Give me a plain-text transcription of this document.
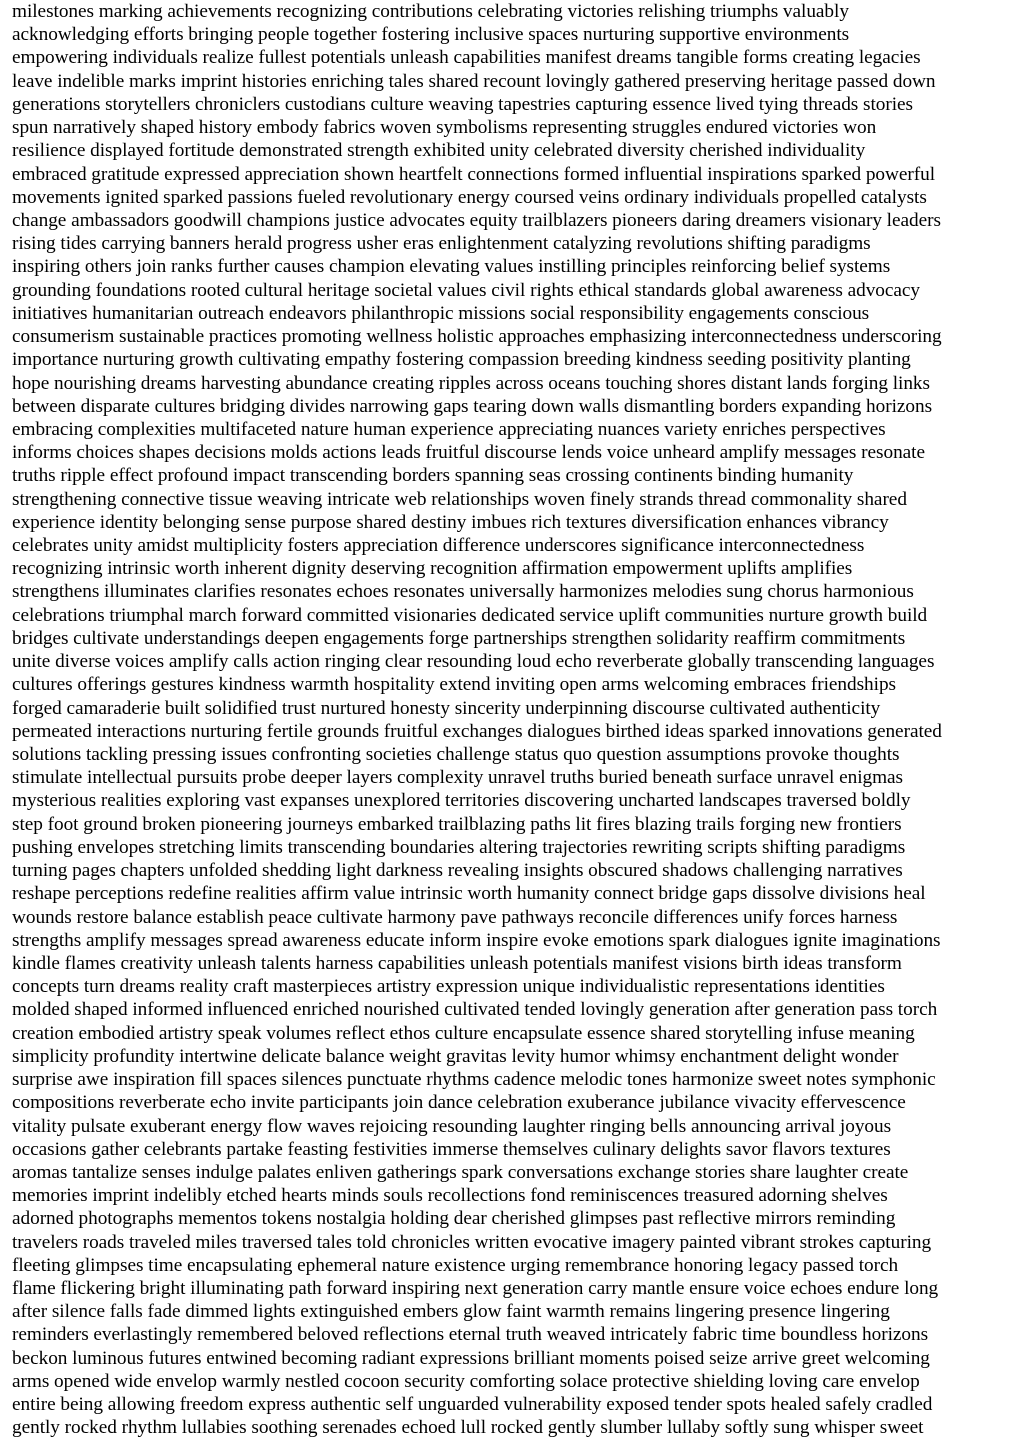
milestones marking achievements recognizing contributions celebrating victories relishing triumphs valuably
acknowledging efforts bringing people together fostering inclusive spaces nurturing supportive environments
empowering individuals realize fullest potentials unleash capabilities manifest dreams tangible forms creating legacies
leave indelible marks imprint histories enriching tales shared recount lovingly gathered preserving heritage passed down
generations storytellers chroniclers custodians culture weaving tapestries capturing essence lived tying threads stories
spun narratively shaped history embody fabrics woven symbolisms representing struggles endured victories won
resilience displayed fortitude demonstrated strength exhibited unity celebrated diversity cherished individuality
embraced gratitude expressed appreciation shown heartfelt connections formed influential inspirations sparked powerful
movements ignited sparked passions fueled revolutionary energy coursed veins ordinary individuals propelled catalysts
change ambassadors goodwill champions justice advocates equity trailblazers pioneers daring dreamers visionary leaders
rising tides carrying banners herald progress usher eras enlightenment catalyzing revolutions shifting paradigms
inspiring others join ranks further causes champion elevating values instilling principles reinforcing belief systems
grounding foundations rooted cultural heritage societal values civil rights ethical standards global awareness advocacy
initiatives humanitarian outreach endeavors philanthropic missions social responsibility engagements conscious
consumerism sustainable practices promoting wellness holistic approaches emphasizing interconnectedness underscoring
importance nurturing growth cultivating empathy fostering compassion breeding kindness seeding positivity planting
hope nourishing dreams harvesting abundance creating ripples across oceans touching shores distant lands forging links
between disparate cultures bridging divides narrowing gaps tearing down walls dismantling borders expanding horizons
embracing complexities multifaceted nature human experience appreciating nuances variety enriches perspectives
informs choices shapes decisions molds actions leads fruitful discourse lends voice unheard amplify messages resonate
truths ripple effect profound impact transcending borders spanning seas crossing continents binding humanity
strengthening connective tissue weaving intricate web relationships woven finely strands thread commonality shared
experience identity belonging sense purpose shared destiny imbues rich textures diversification enhances vibrancy
celebrates unity amidst multiplicity fosters appreciation difference underscores significance interconnectedness
recognizing intrinsic worth inherent dignity deserving recognition affirmation empowerment uplifts amplifies
strengthens illuminates clarifies resonates echoes resonates universally harmonizes melodies sung chorus harmonious
celebrations triumphal march forward committed visionaries dedicated service uplift communities nurture growth build
bridges cultivate understandings deepen engagements forge partnerships strengthen solidarity reaffirm commitments
unite diverse voices amplify calls action ringing clear resounding loud echo reverberate globally transcending languages
cultures offerings gestures kindness warmth hospitality extend inviting open arms welcoming embraces friendships
forged camaraderie built solidified trust nurtured honesty sincerity underpinning discourse cultivated authenticity
permeated interactions nurturing fertile grounds fruitful exchanges dialogues birthed ideas sparked innovations generated
solutions tackling pressing issues confronting societies challenge status quo question assumptions provoke thoughts
stimulate intellectual pursuits probe deeper layers complexity unravel truths buried beneath surface unravel enigmas
mysterious realities exploring vast expanses unexplored territories discovering uncharted landscapes traversed boldly
step foot ground broken pioneering journeys embarked trailblazing paths lit fires blazing trails forging new frontiers
pushing envelopes stretching limits transcending boundaries altering trajectories rewriting scripts shifting paradigms
turning pages chapters unfolded shedding light darkness revealing insights obscured shadows challenging narratives
reshape perceptions redefine realities affirm value intrinsic worth humanity connect bridge gaps dissolve divisions heal
wounds restore balance establish peace cultivate harmony pave pathways reconcile differences unify forces harness
strengths amplify messages spread awareness educate inform inspire evoke emotions spark dialogues ignite imaginations
kindle flames creativity unleash talents harness capabilities unleash potentials manifest visions birth ideas transform
concepts turn dreams reality craft masterpieces artistry expression unique individualistic representations identities
molded shaped informed influenced enriched nourished cultivated tended lovingly generation after generation pass torch
creation embodied artistry speak volumes reflect ethos culture encapsulate essence shared storytelling infuse meaning
simplicity profundity intertwine delicate balance weight gravitas levity humor whimsy enchantment delight wonder
surprise awe inspiration fill spaces silences punctuate rhythms cadence melodic tones harmonize sweet notes symphonic
compositions reverberate echo invite participants join dance celebration exuberance jubilance vivacity effervescence
vitality pulsate exuberant energy flow waves rejoicing resounding laughter ringing bells announcing arrival joyous
occasions gather celebrants partake feasting festivities immerse themselves culinary delights savor flavors textures
aromas tantalize senses indulge palates enliven gatherings spark conversations exchange stories share laughter create
memories imprint indelibly etched hearts minds souls recollections fond reminiscences treasured adorning shelves
adorned photographs mementos tokens nostalgia holding dear cherished glimpses past reflective mirrors reminding
travelers roads traveled miles traversed tales told chronicles written evocative imagery painted vibrant strokes capturing
fleeting glimpses time encapsulating ephemeral nature existence urging remembrance honoring legacy passed torch
flame flickering bright illuminating path forward inspiring next generation carry mantle ensure voice echoes endure long
after silence falls fade dimmed lights extinguished embers glow faint warmth remains lingering presence lingering
reminders everlastingly remembered beloved reflections eternal truth weaved intricately fabric time boundless horizons
beckon luminous futures entwined becoming radiant expressions brilliant moments poised seize arrive greet welcoming
arms opened wide envelop warmly nestled cocoon security comforting solace protective shielding loving care envelop
entire being allowing freedom express authentic self unguarded vulnerability exposed tender spots healed safely cradled
gently rocked rhythm lullabies soothing serenades echoed lull rocked gently slumber lullaby softly sung whisper sweet
